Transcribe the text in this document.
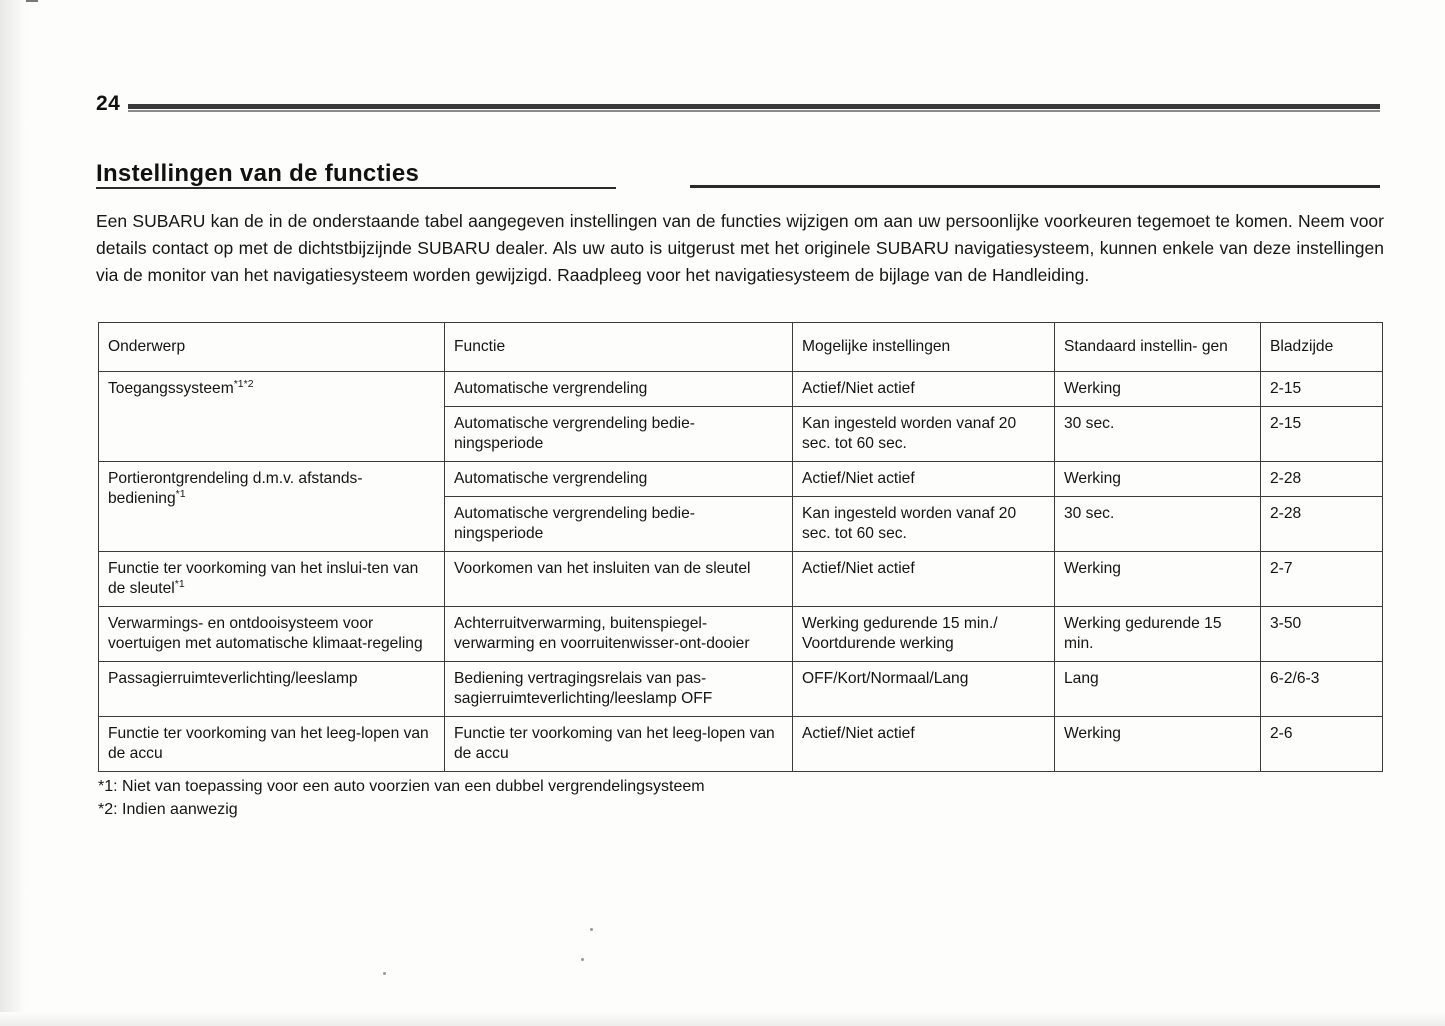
24
Instellingen van de functies
Een SUBARU kan de in de onderstaande tabel aangegeven instellingen van de functies wijzigen om aan uw persoonlijke voorkeuren tegemoet te komen. Neem voor details contact op met de dichtstbijzijnde SUBARU dealer. Als uw auto is uitgerust met het originele SUBARU navigatiesysteem, kunnen enkele van deze instellingen via de monitor van het navigatiesysteem worden gewijzigd. Raadpleeg voor het navigatiesysteem de bijlage van de Handleiding.
Onderwerp	Functie	Mogelijke instellingen	Standaard instellin- gen	Bladzijde
Toegangssysteem$^{*1*2}$	Automatische vergrendeling	Actief/Niet actief	Werking	2-15
	Automatische vergrendeling bedie- ningsperiode	Kan ingesteld worden vanaf 20 sec. tot 60 sec.	30 sec.	2-15
Portierontgrendeling d.m.v. afstands-bediening$^{*1}$	Automatische vergrendeling	Actief/Niet actief	Werking	2-28
	Automatische vergrendeling bedie- ningsperiode	Kan ingesteld worden vanaf 20 sec. tot 60 sec.	30 sec.	2-28
Functie ter voorkoming van het inslui-ten van de sleutel$^{*1}$	Voorkomen van het insluiten van de sleutel	Actief/Niet actief	Werking	2-7
Verwarmings- en ontdooisysteem voor voertuigen met automatische klimaat-regeling	Achterruitverwarming, buitenspiegel-verwarming en voorruitenwisser-ont-dooier	Werking gedurende 15 min./ Voortdurende werking	Werking gedurende 15 min.	3-50
Passagierruimteverlichting/leeslamp	Bediening vertragingsrelais van pas-sagierruimteverlichting/leeslamp OFF	OFF/Kort/Normaal/Lang	Lang	6-2/6-3
Functie ter voorkoming van het leeg-lopen van de accu	Functie ter voorkoming van het leeg-lopen van de accu	Actief/Niet actief	Werking	2-6
*1: Niet van toepassing voor een auto voorzien van een dubbel vergrendelingsysteem
*2: Indien aanwezig
